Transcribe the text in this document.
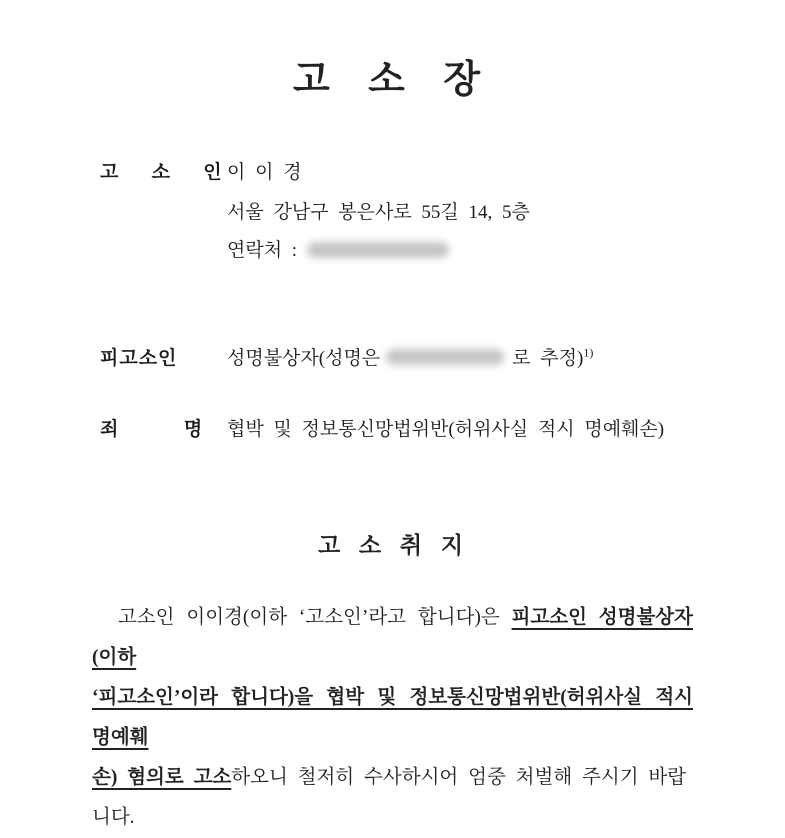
고 소 장
고   소   인 이 이 경
서울 강남구 봉은사로 55길 14, 5층
연락처 :
피고소인	성명불상자(성명은	로 추정)$^{1)}$
죄      명 협박 및 정보통신망법위반(허위사실 적시 명예훼손)
고 소 취 지
고소인 이이경(이하 ‘고소인’라고 합니다)은 피고소인 성명불상자(이하
‘피고소인’이라 합니다)을 협박 및 정보통신망법위반(허위사실 적시 명예훼
손) 혐의로 고소하오니 철저히 수사하시어 엄중 처벌해 주시기 바랍니다.
